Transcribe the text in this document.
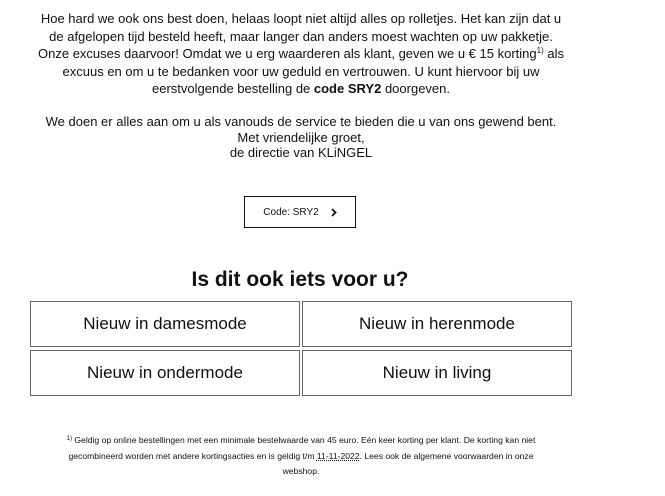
Hoe hard we ook ons best doen, helaas loopt niet altijd alles op rolletjes. Het kan zijn dat u de afgelopen tijd besteld heeft, maar langer dan anders moest wachten op uw pakketje. Onze excuses daarvoor! Omdat we u erg waarderen als klant, geven we u € 15 korting$^{1)}$ als excuus en om u te bedanken voor uw geduld en vertrouwen. U kunt hiervoor bij uw eerstvolgende bestelling de code SRY2 doorgeven.

We doen er alles aan om u als vanouds de service te bieden die u van ons gewend bent.
Met vriendelijke groet,
de directie van KLiNGEL
Code: SRY2
Is dit ook iets voor u?
Nieuw in damesmode	Nieuw in herenmode
Nieuw in ondermode	Nieuw in living

$^{1)}$ Geldig op online bestellingen met een minimale bestelwaarde van 45 euro. Eén keer korting per klant. De korting kan niet gecombineerd worden met andere kortingsacties en is geldig t/m 11-11-2022. Lees ook de algemene voorwaarden in onze webshop.
